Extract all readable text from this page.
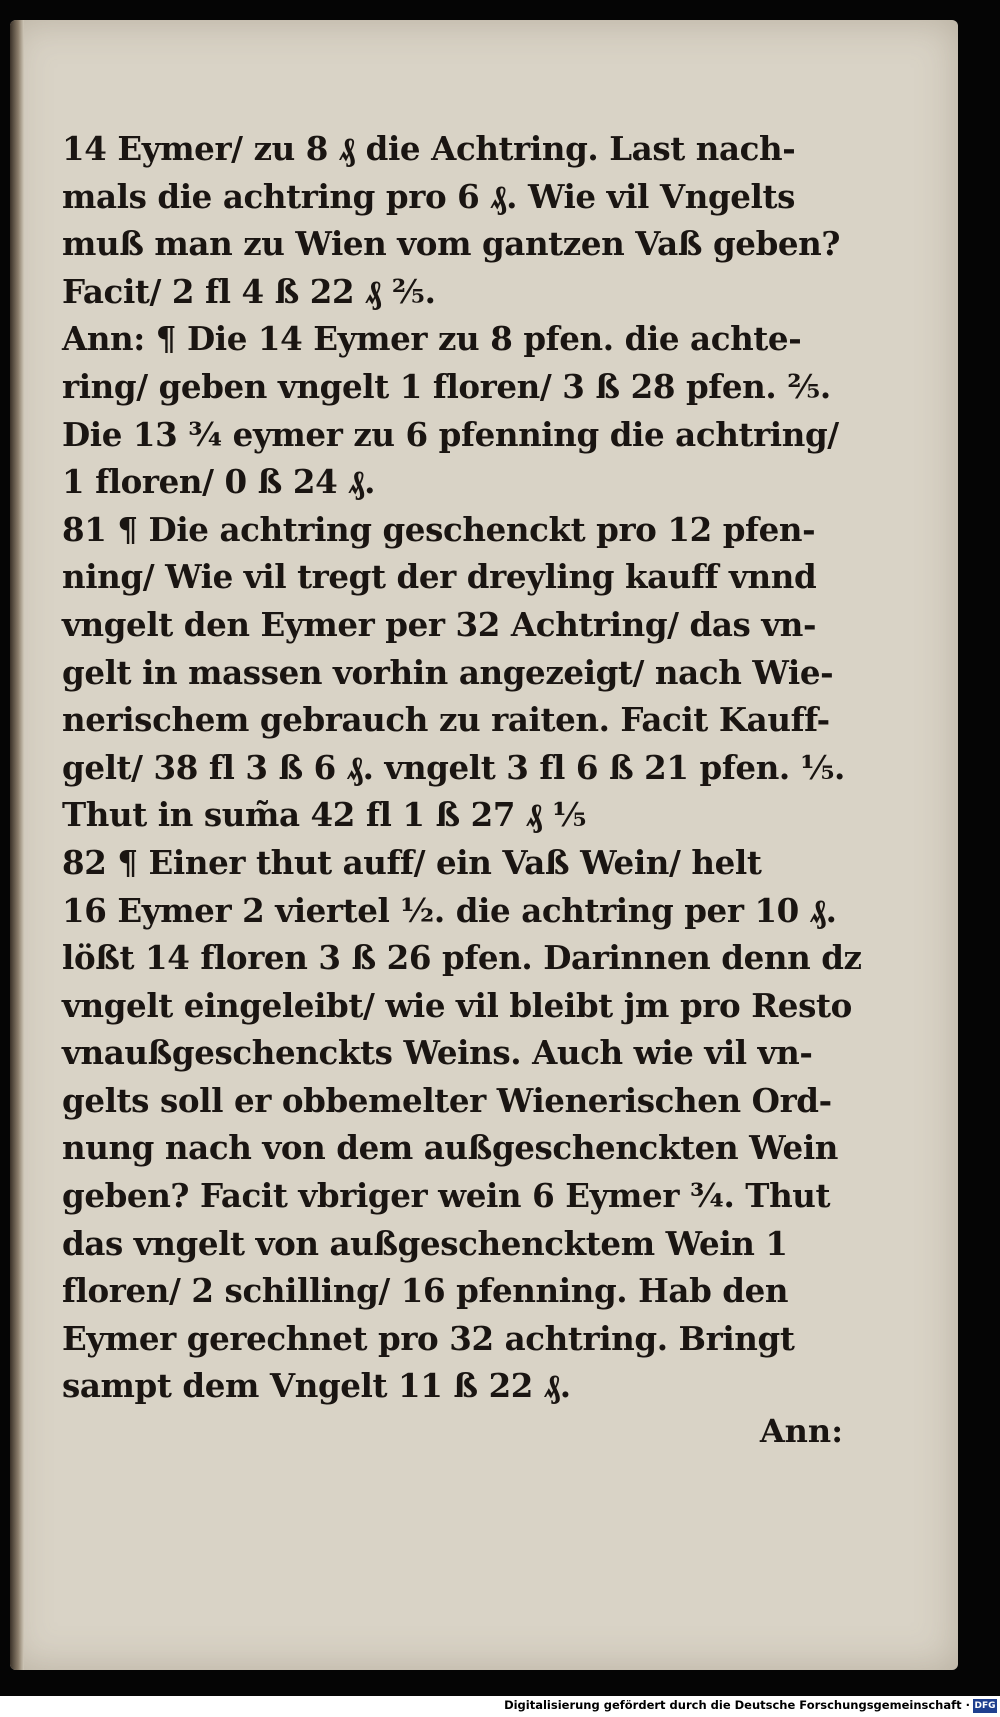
14 Eymer/ zu 8 ₰ die Achtring. Last nach-
mals die achtring pro 6 ₰. Wie vil Vngelts
muß man zu Wien vom gantzen Vaß geben?
Facit/ 2 fl 4 ß 22 ₰ ²⁄₅.
Ann: ¶ Die 14 Eymer zu 8 pfen. die achte-
ring/ geben vngelt 1 floren/ 3 ß 28 pfen. ²⁄₅.
Die 13 ¾ eymer zu 6 pfenning die achtring/
1 floren/ 0 ß 24 ₰.
81 ¶ Die achtring geschenckt pro 12 pfen-
ning/ Wie vil tregt der dreyling kauff vnnd
vngelt den Eymer per 32 Achtring/ das vn-
gelt in massen vorhin angezeigt/ nach Wie-
nerischem gebrauch zu raiten. Facit Kauff-
gelt/ 38 fl 3 ß 6 ₰. vngelt 3 fl 6 ß 21 pfen. ⅕.
Thut in sum̃a 42 fl 1 ß 27 ₰ ⅕
82 ¶ Einer thut auff/ ein Vaß Wein/ helt
16 Eymer 2 viertel ½. die achtring per 10 ₰.
lößt 14 floren 3 ß 26 pfen. Darinnen denn dz
vngelt eingeleibt/ wie vil bleibt jm pro Resto
vnaußgeschenckts Weins. Auch wie vil vn-
gelts soll er obbemelter Wienerischen Ord-
nung nach von dem außgeschenckten Wein
geben? Facit vbriger wein 6 Eymer ¾. Thut
das vngelt von außgeschencktem Wein 1
floren/ 2 schilling/ 16 pfenning. Hab den
Eymer gerechnet pro 32 achtring. Bringt
sampt dem Vngelt 11 ß 22 ₰.
Ann:
Digitalisierung gefördert durch die Deutsche Forschungsgemeinschaft · DFG
